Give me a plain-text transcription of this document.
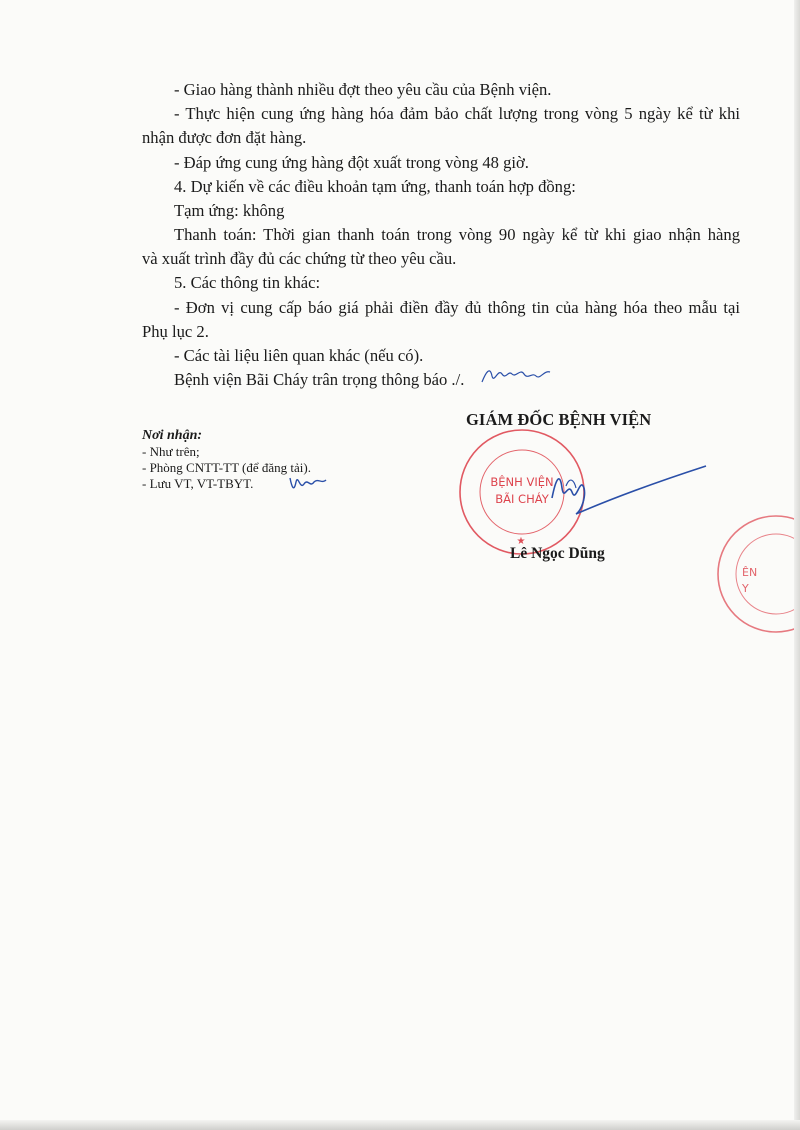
- Giao hàng thành nhiều đợt theo yêu cầu của Bệnh viện.
- Thực hiện cung ứng hàng hóa đảm bảo chất lượng trong vòng 5 ngày kể từ khi
nhận được đơn đặt hàng.
- Đáp ứng cung ứng hàng đột xuất trong vòng 48 giờ.
4. Dự kiến về các điều khoản tạm ứng, thanh toán hợp đồng:
Tạm ứng: không
Thanh toán: Thời gian thanh toán trong vòng 90 ngày kể từ khi giao nhận hàng
và xuất trình đầy đủ các chứng từ theo yêu cầu.
5. Các thông tin khác:
- Đơn vị cung cấp báo giá phải điền đầy đủ thông tin của hàng hóa theo mẫu tại
Phụ lục 2.
- Các tài liệu liên quan khác (nếu có).
Bệnh viện Bãi Cháy trân trọng thông báo ./.
Nơi nhận:
- Như trên;
- Phòng CNTT-TT (để đăng tải).
- Lưu VT, VT-TBYT.
GIÁM ĐỐC BỆNH VIỆN
BỆNH VIỆN
BÃI CHÁY
★
Lê Ngọc Dũng
ÊN
Y
